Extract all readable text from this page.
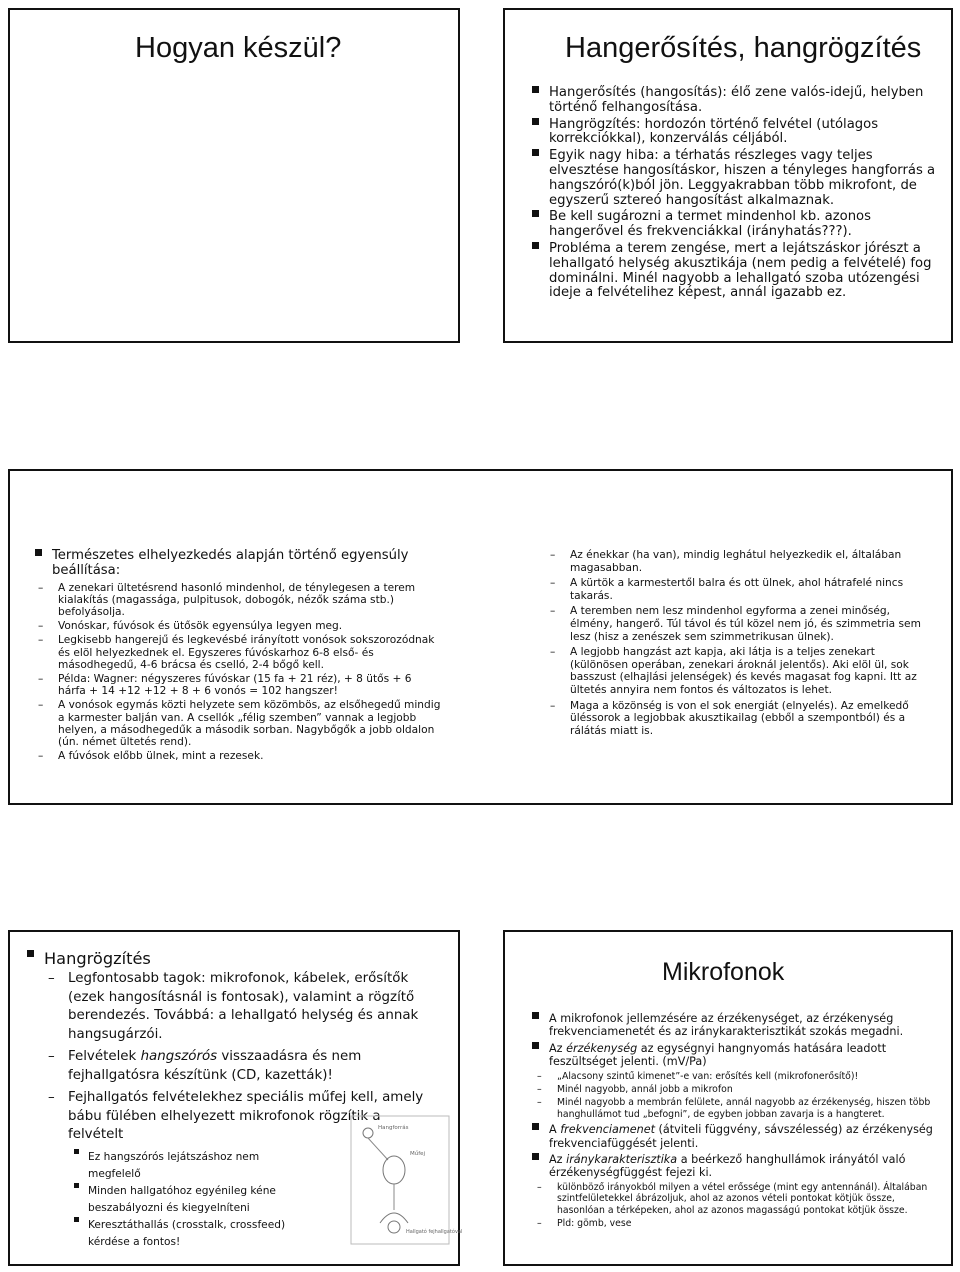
Hogyan készül?	Hangerősítés, hangrögzítés
Hangerősítés (hangosítás): élő zene valós-idejű, helyben történő felhangosítása.
Hangrögzítés: hordozón történő felvétel (utólagos korrekciókkal), konzerválás céljából.
Egyik nagy hiba: a térhatás részleges vagy teljes elvesztése hangosításkor, hiszen a tényleges hangforrás a hangszóró(k)ból jön. Leggyakrabban több mikrofont, de egyszerű sztereó hangosítást alkalmaznak.
Be kell sugározni a termet mindenhol kb. azonos hangerővel és frekvenciákkal (irányhatás???).
Probléma a terem zengése, mert a lejátszáskor jórészt a lehallgató helység akusztikája (nem pedig a felvételé) fog dominálni. Minél nagyobb a lehallgató szoba utózengési ideje a felvételihez képest, annál igazabb ez.
Természetes elhelyezkedés alapján történő egyensúly beállítása:
– A zenekari ültetésrend hasonló mindenhol, de ténylegesen a terem kialakítás (magassága, pulpitusok, dobogók, nézők száma stb.) befolyásolja.
– Vonóskar, fúvósok és ütősök egyensúlya legyen meg.
– Legkisebb hangerejű és legkevésbé irányított vonósok sokszorozódnak és elöl helyezkednek el. Egyszeres fúvóskarhoz 6-8 első- és másodhegedű, 4-6 brácsa és cselló, 2-4 bőgő kell.
– Példa: Wagner: négyszeres fúvóskar (15 fa + 21 réz), + 8 ütős + 6 hárfa + 14 +12 +12 + 8 + 6 vonós = 102 hangszer!
– A vonósok egymás közti helyzete sem közömbös, az elsőhegedű mindig a karmester balján van. A csellók „félig szemben” vannak a legjobb helyen, a másodhegedűk a második sorban. Nagybőgők a jobb oldalon (ún. német ültetés rend).
– A fúvósok előbb ülnek, mint a rezesek.
– Az énekkar (ha van), mindig leghátul helyezkedik el, általában magasabban.
– A kürtök a karmestertől balra és ott ülnek, ahol hátrafelé nincs takarás.
– A teremben nem lesz mindenhol egyforma a zenei minőség, élmény, hangerő. Túl távol és túl közel nem jó, és szimmetria sem lesz (hisz a zenészek sem szimmetrikusan ülnek).
– A legjobb hangzást azt kapja, aki látja is a teljes zenekart (különösen operában, zenekari ároknál jelentős). Aki elöl ül, sok basszust (elhajlási jelenségek) és kevés magasat fog kapni. Itt az ültetés annyira nem fontos és változatos is lehet.
– Maga a közönség is von el sok energiát (elnyelés). Az emelkedő üléssorok a legjobbak akusztikailag (ebből a szempontból) és a rálátás miatt is.
Hangrögzítés
– Legfontosabb tagok: mikrofonok, kábelek, erősítők (ezek hangosításnál is fontosak), valamint a rögzítő berendezés. Továbbá: a lehallgató helység és annak hangsugárzói.
– Felvételek hangszórós visszaadásra és nem fejhallgatósra készítünk (CD, kazetták)!
– Fejhallgatós felvételekhez speciális műfej kell, amely bábu fülében elhelyezett mikrofonok rögzítik a felvételt
Ez hangszórós lejátszáshoz nem megfelelő
Minden hallgatóhoz egyénileg kéne beszabályozni és kiegyelníteni
Keresztáthallás (crosstalk, crossfeed) kérdése a fontos!
Hangforrás
Műfej
Hallgató fejhallgatóval
Mikrofonok
A mikrofonok jellemzésére az érzékenységet, az érzékenység frekvenciamenetét és az iránykarakterisztikát szokás megadni.
Az érzékenység az egységnyi hangnyomás hatására leadott feszültséget jelenti. (mV/Pa)
– „Alacsony szintű kimenet”-e van: erősítés kell (mikrofonerősítő)!
– Minél nagyobb, annál jobb a mikrofon
– Minél nagyobb a membrán felülete, annál nagyobb az érzékenység, hiszen több hanghullámot tud „befogni”, de egyben jobban zavarja is a hangteret.
A frekvenciamenet (átviteli függvény, sávszélesség) az érzékenység frekvenciafüggését jelenti.
Az iránykarakterisztika a beérkező hanghullámok irányától való érzékenységfüggést fejezi ki.
– különböző irányokból milyen a vétel erőssége (mint egy antennánál). Általában szintfelületekkel ábrázoljuk, ahol az azonos vételi pontokat kötjük össze, hasonlóan a térképeken, ahol az azonos magasságú pontokat kötjük össze.
– Pld: gömb, vese
